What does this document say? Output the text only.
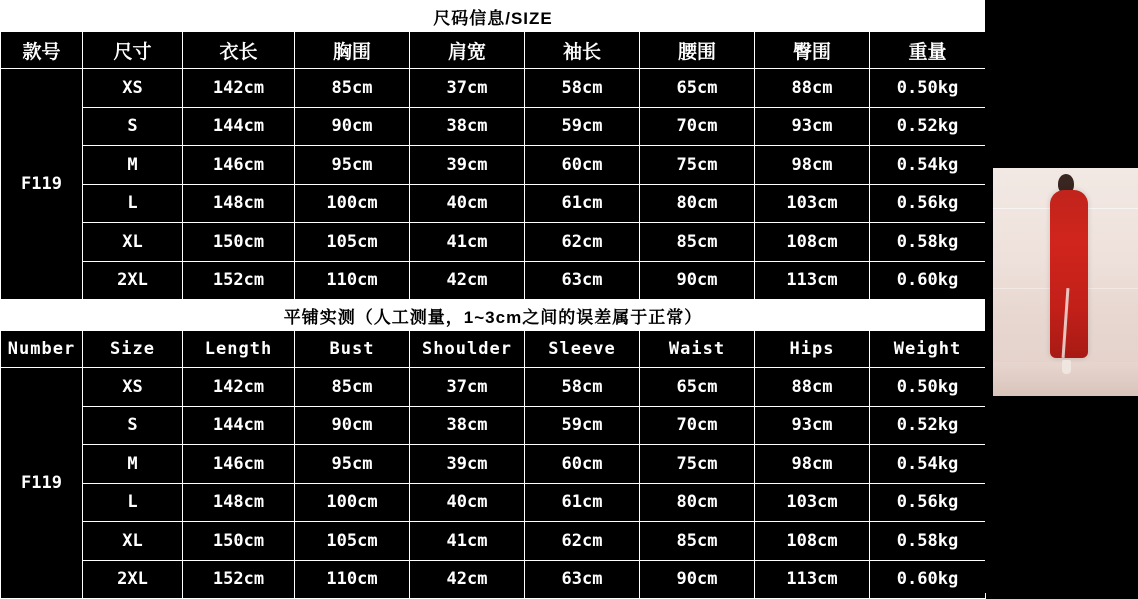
尺码信息/SIZE								
款号	尺寸	衣长	胸围	肩宽	袖长	腰围	臀围	重量
F119	XS	142cm	85cm	37cm	58cm	65cm	88cm	0.50kg
	S	144cm	90cm	38cm	59cm	70cm	93cm	0.52kg
	M	146cm	95cm	39cm	60cm	75cm	98cm	0.54kg
	L	148cm	100cm	40cm	61cm	80cm	103cm	0.56kg
	XL	150cm	105cm	41cm	62cm	85cm	108cm	0.58kg
	2XL	152cm	110cm	42cm	63cm	90cm	113cm	0.60kg
平铺实测（人工测量，1~3cm之间的误差属于正常）								
Number	Size	Length	Bust	Shoulder	Sleeve	Waist	Hips	Weight
F119	XS	142cm	85cm	37cm	58cm	65cm	88cm	0.50kg
	S	144cm	90cm	38cm	59cm	70cm	93cm	0.52kg
	M	146cm	95cm	39cm	60cm	75cm	98cm	0.54kg
	L	148cm	100cm	40cm	61cm	80cm	103cm	0.56kg
	XL	150cm	105cm	41cm	62cm	85cm	108cm	0.58kg
	2XL	152cm	110cm	42cm	63cm	90cm	113cm	0.60kg
